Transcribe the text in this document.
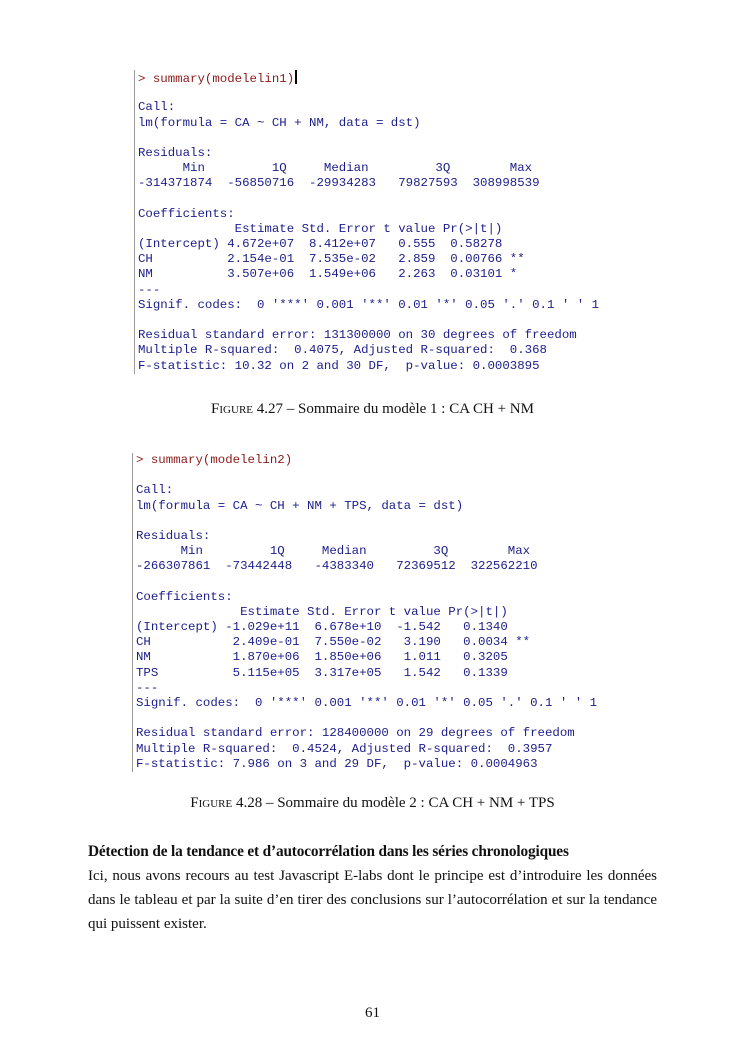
> summary(modelelin1)
Call:
lm(formula = CA ~ CH + NM, data = dst)
Residuals:
Min         1Q     Median         3Q        Max
-314371874  -56850716  -29934283   79827593  308998539
Coefficients:
Estimate Std. Error t value Pr(>|t|)
(Intercept) 4.672e+07  8.412e+07   0.555  0.58278
CH          2.154e-01  7.535e-02   2.859  0.00766 **
NM          3.507e+06  1.549e+06   2.263  0.03101 *
---
Signif. codes:  0 '***' 0.001 '**' 0.01 '*' 0.05 '.' 0.1 ' ' 1
Residual standard error: 131300000 on 30 degrees of freedom
Multiple R-squared:  0.4075, Adjusted R-squared:  0.368
F-statistic: 10.32 on 2 and 30 DF,  p-value: 0.0003895
Figure 4.27 – Sommaire du modèle 1 : CA CH + NM
> summary(modelelin2)
Call:
lm(formula = CA ~ CH + NM + TPS, data = dst)
Residuals:
Min         1Q     Median         3Q        Max
-266307861  -73442448   -4383340   72369512  322562210
Coefficients:
Estimate Std. Error t value Pr(>|t|)
(Intercept) -1.029e+11  6.678e+10  -1.542   0.1340
CH           2.409e-01  7.550e-02   3.190   0.0034 **
NM           1.870e+06  1.850e+06   1.011   0.3205
TPS          5.115e+05  3.317e+05   1.542   0.1339
---
Signif. codes:  0 '***' 0.001 '**' 0.01 '*' 0.05 '.' 0.1 ' ' 1
Residual standard error: 128400000 on 29 degrees of freedom
Multiple R-squared:  0.4524, Adjusted R-squared:  0.3957
F-statistic: 7.986 on 3 and 29 DF,  p-value: 0.0004963
Figure 4.28 – Sommaire du modèle 2 : CA CH + NM + TPS
Détection de la tendance et d’autocorrélation dans les séries chronologiques
Ici, nous avons recours au test Javascript E-labs dont le principe est d’introduire les données dans le tableau et par la suite d’en tirer des conclusions sur l’autocorrélation et sur la tendance qui puissent exister.
61
